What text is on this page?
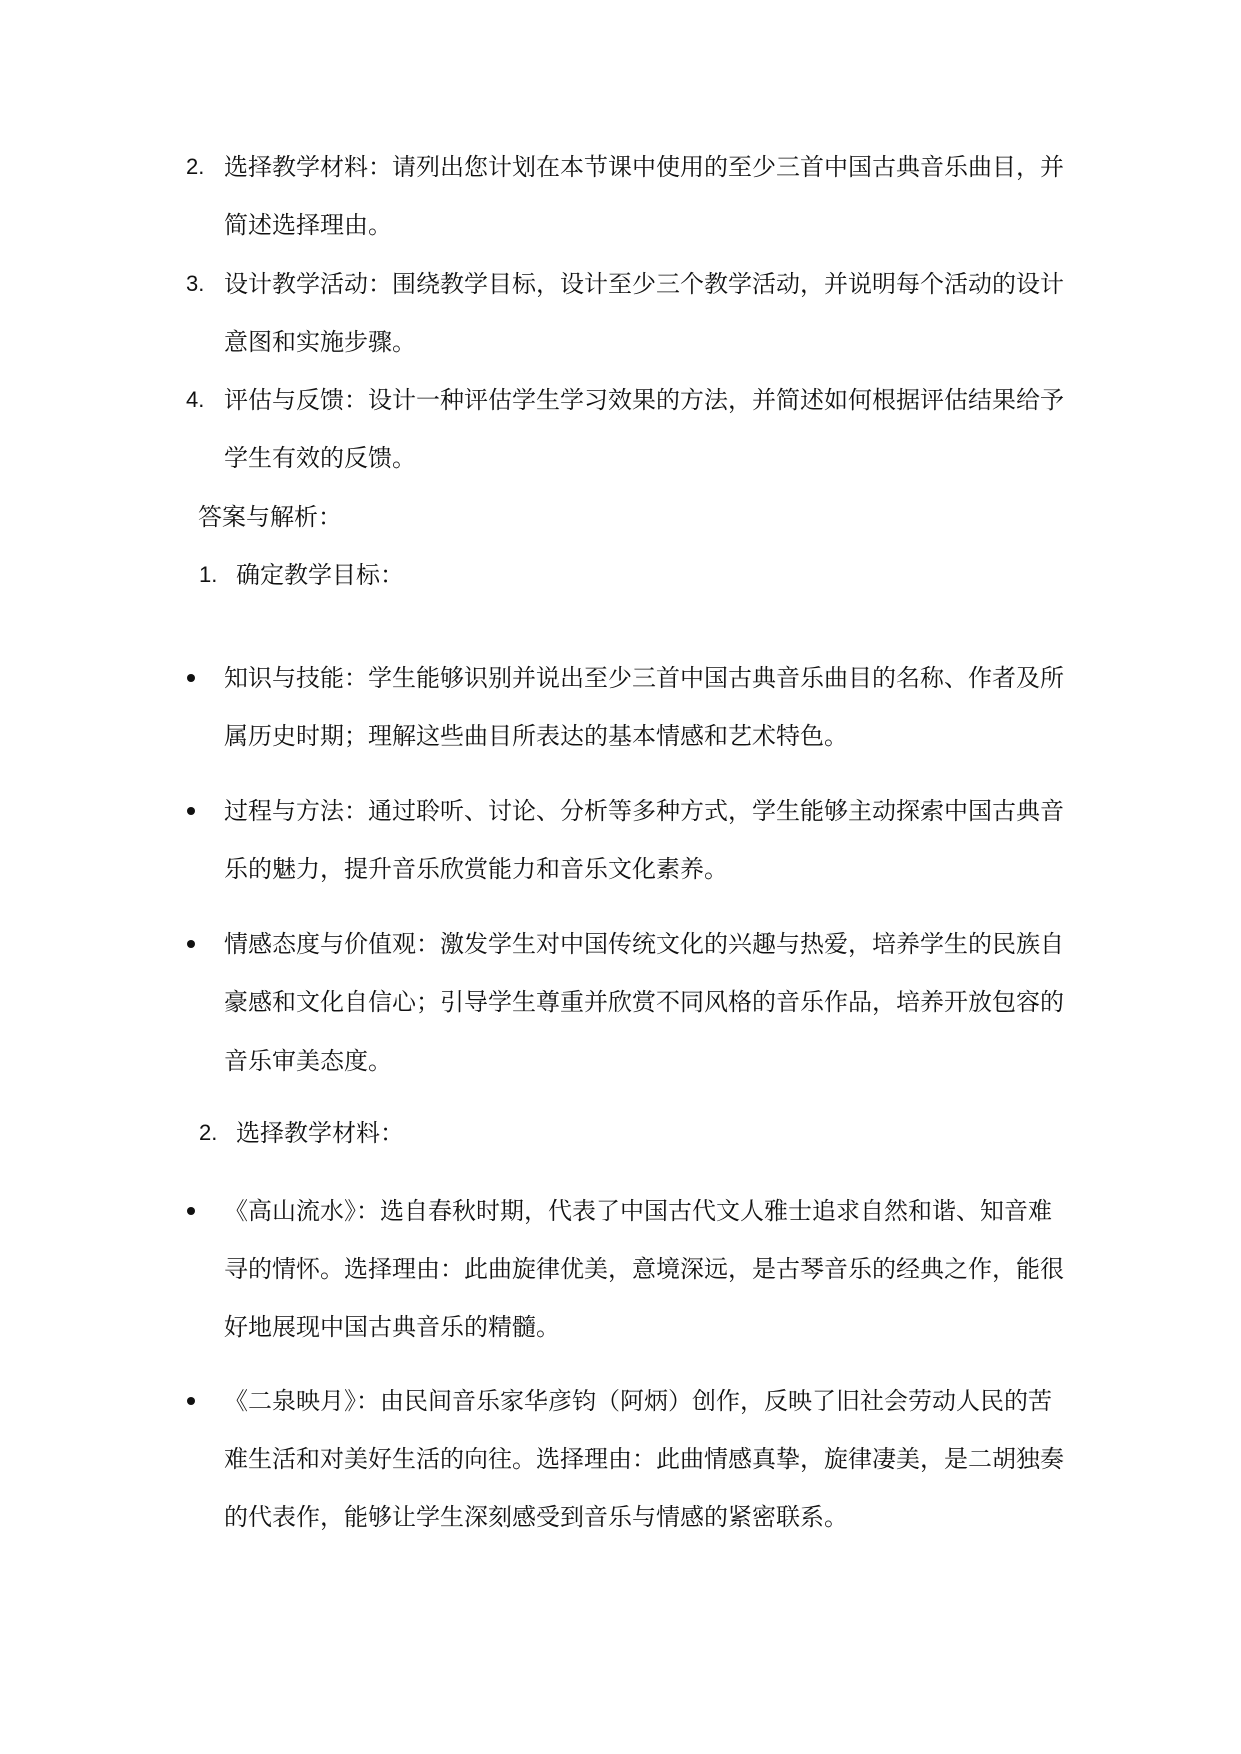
2. 选择教学材料：请列出您计划在本节课中使用的至少三首中国古典音乐曲目，并
简述选择理由。
3. 设计教学活动：围绕教学目标，设计至少三个教学活动，并说明每个活动的设计
意图和实施步骤。
4. 评估与反馈：设计一种评估学生学习效果的方法，并简述如何根据评估结果给予
学生有效的反馈。
答案与解析：
1. 确定教学目标：
知识与技能：学生能够识别并说出至少三首中国古典音乐曲目的名称、作者及所
属历史时期；理解这些曲目所表达的基本情感和艺术特色。
过程与方法：通过聆听、讨论、分析等多种方式，学生能够主动探索中国古典音
乐的魅力，提升音乐欣赏能力和音乐文化素养。
情感态度与价值观：激发学生对中国传统文化的兴趣与热爱，培养学生的民族自
豪感和文化自信心；引导学生尊重并欣赏不同风格的音乐作品，培养开放包容的
音乐审美态度。
2. 选择教学材料：
《高山流水》：选自春秋时期，代表了中国古代文人雅士追求自然和谐、知音难
寻的情怀。选择理由：此曲旋律优美，意境深远，是古琴音乐的经典之作，能很
好地展现中国古典音乐的精髓。
《二泉映月》：由民间音乐家华彦钧（阿炳）创作，反映了旧社会劳动人民的苦
难生活和对美好生活的向往。选择理由：此曲情感真挚，旋律凄美，是二胡独奏
的代表作，能够让学生深刻感受到音乐与情感的紧密联系。
